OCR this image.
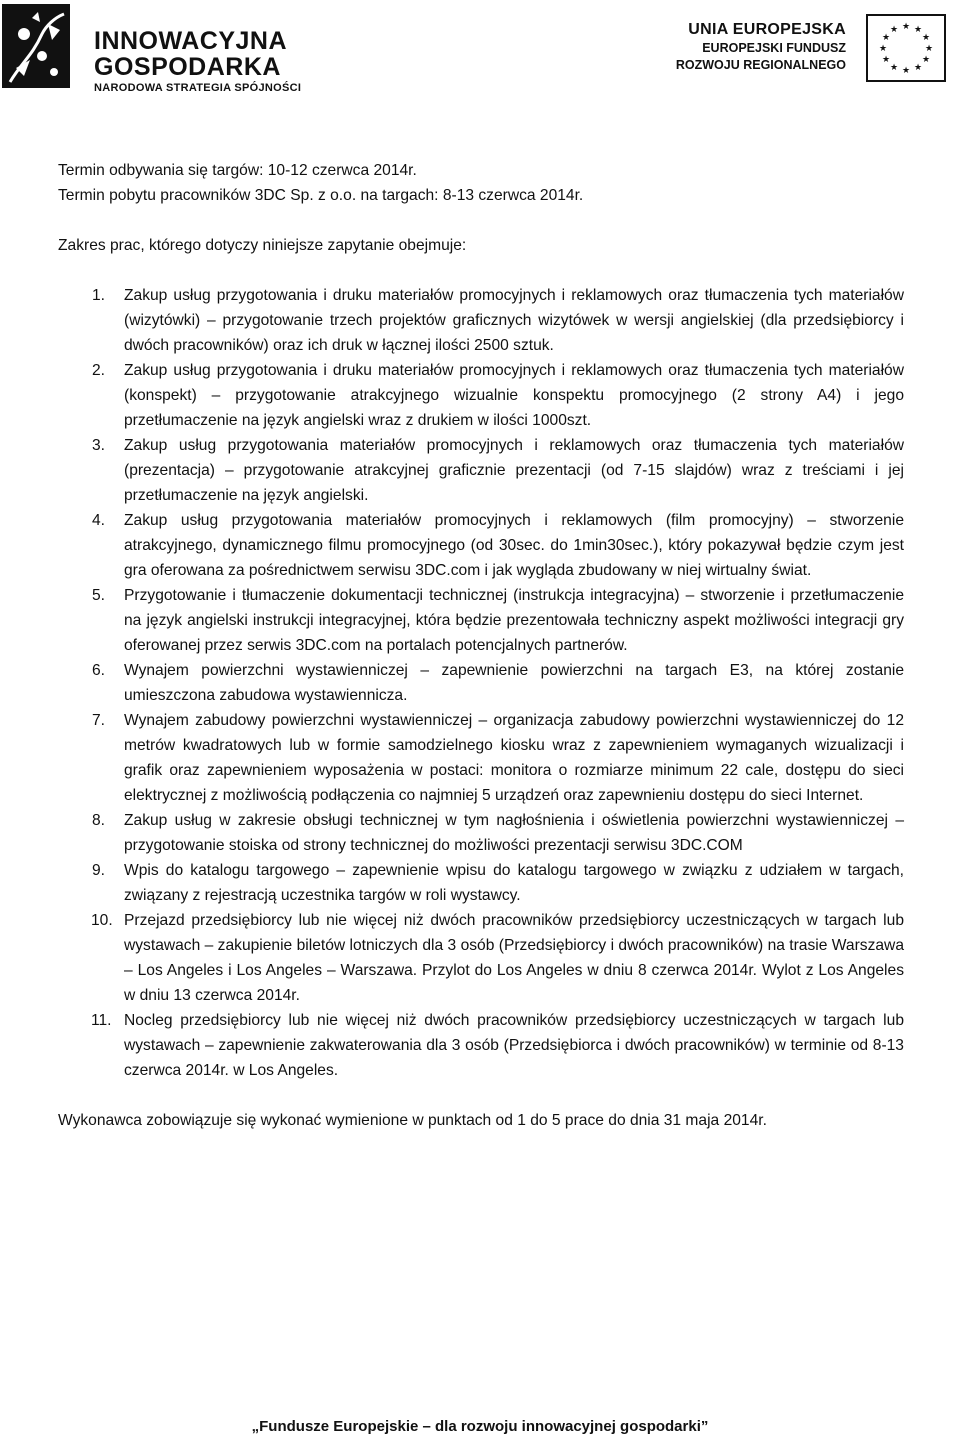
INNOWACYJNA
GOSPODARKA
NARODOWA STRATEGIA SPÓJNOŚCI
UNIA EUROPEJSKA
EUROPEJSKI FUNDUSZ
ROZWOJU REGIONALNEGO
★ ★
★
★
★
★
★
★
★
★
★
★

Termin odbywania się targów: 10-12 czerwca 2014r.

Termin pobytu pracowników 3DC Sp. z o.o. na targach: 8-13 czerwca 2014r.

Zakres prac, którego dotyczy niniejsze zapytanie obejmuje:

1.	Zakup usług przygotowania i druku materiałów promocyjnych i reklamowych oraz tłumaczenia tych materiałów (wizytówki) – przygotowanie trzech projektów graficznych wizytówek w wersji angielskiej (dla przedsiębiorcy i dwóch pracowników) oraz ich druk w łącznej ilości 2500 sztuk.
2.	Zakup usług przygotowania i druku materiałów promocyjnych i reklamowych oraz tłumaczenia tych materiałów (konspekt) – przygotowanie atrakcyjnego wizualnie konspektu promocyjnego (2 strony A4) i jego przetłumaczenie na język angielski wraz z drukiem w ilości 1000szt.
3.	Zakup usług przygotowania materiałów promocyjnych i reklamowych oraz tłumaczenia tych materiałów (prezentacja) – przygotowanie atrakcyjnej graficznie prezentacji (od 7-15 slajdów) wraz z treściami i jej przetłumaczenie na język angielski.
4.	Zakup usług przygotowania materiałów promocyjnych i reklamowych (film promocyjny) – stworzenie atrakcyjnego, dynamicznego filmu promocyjnego (od 30sec. do 1min30sec.), który pokazywał będzie czym jest gra oferowana za pośrednictwem serwisu 3DC.com i jak wygląda zbudowany w niej wirtualny świat.
5.	Przygotowanie i tłumaczenie dokumentacji technicznej (instrukcja integracyjna) – stworzenie i przetłumaczenie na język angielski instrukcji integracyjnej, która będzie prezentowała techniczny aspekt możliwości integracji gry oferowanej przez serwis 3DC.com na portalach potencjalnych partnerów.
6.	Wynajem powierzchni wystawienniczej – zapewnienie powierzchni na targach E3, na której zostanie umieszczona zabudowa wystawiennicza.
7.	Wynajem zabudowy powierzchni wystawienniczej – organizacja zabudowy powierzchni wystawienniczej do 12 metrów kwadratowych lub w formie samodzielnego kiosku wraz z zapewnieniem wymaganych wizualizacji i grafik oraz zapewnieniem wyposażenia w postaci: monitora o rozmiarze minimum 22 cale, dostępu do sieci elektrycznej z możliwością podłączenia co najmniej 5 urządzeń oraz zapewnieniu dostępu do sieci Internet.
8.	Zakup usług w zakresie obsługi technicznej w tym nagłośnienia i oświetlenia powierzchni wystawienniczej – przygotowanie stoiska od strony technicznej do możliwości prezentacji serwisu 3DC.COM
9.	Wpis do katalogu targowego – zapewnienie wpisu do katalogu targowego w związku z udziałem w targach, związany z rejestracją uczestnika targów w roli wystawcy.
10. Przejazd przedsiębiorcy lub nie więcej niż dwóch pracowników przedsiębiorcy uczestniczących w targach lub wystawach – zakupienie biletów lotniczych dla 3 osób (Przedsiębiorcy i dwóch pracowników) na trasie Warszawa – Los Angeles i Los Angeles – Warszawa. Przylot do Los Angeles w dniu 8 czerwca 2014r. Wylot z Los Angeles w dniu 13 czerwca 2014r.
11. Nocleg przedsiębiorcy lub nie więcej niż dwóch pracowników przedsiębiorcy uczestniczących w targach lub wystawach – zapewnienie zakwaterowania dla 3 osób (Przedsiębiorca i dwóch pracowników) w terminie od 8-13 czerwca 2014r. w Los Angeles.

Wykonawca zobowiązuje się wykonać wymienione w punktach od 1 do 5 prace do dnia 31 maja 2014r.

„Fundusze Europejskie – dla rozwoju innowacyjnej gospodarki”
